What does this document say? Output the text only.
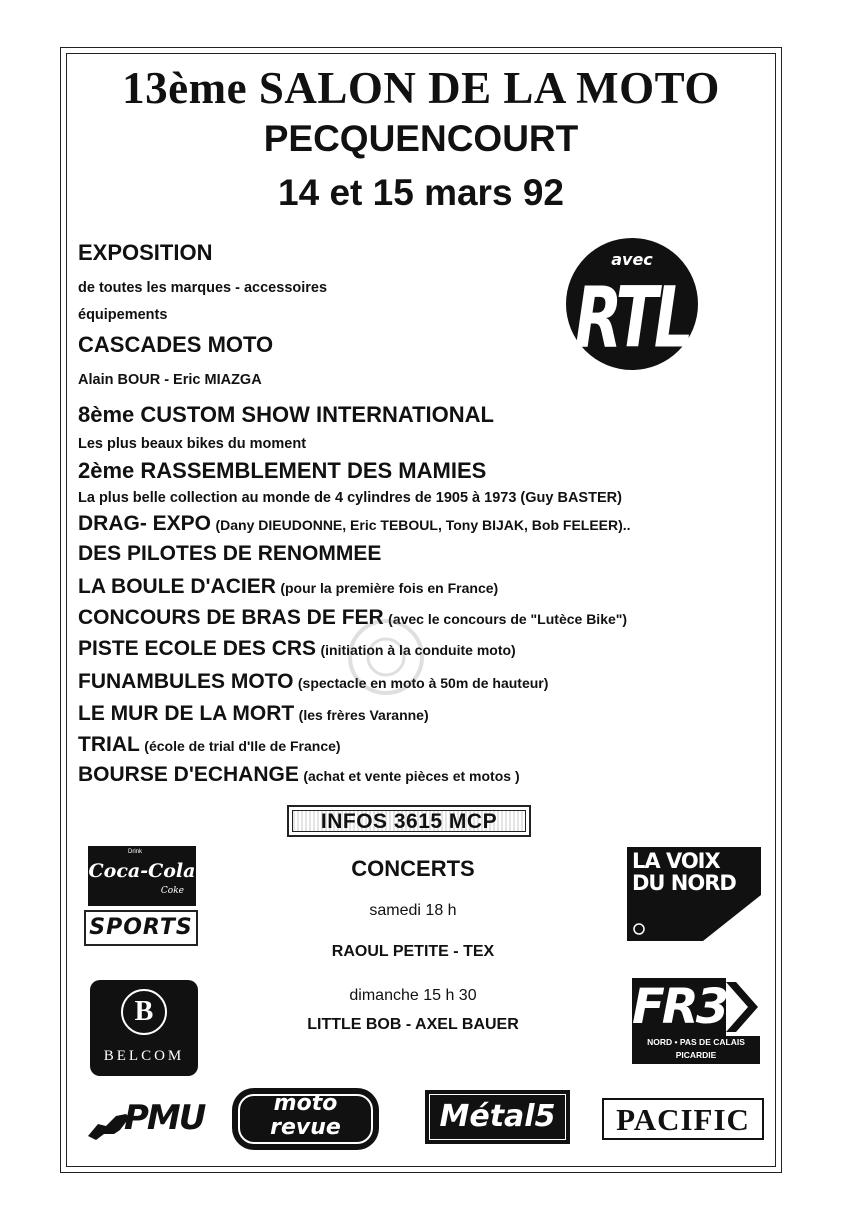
13ème SALON DE LA MOTO
PECQUENCOURT
14 et 15 mars 92
avec
RTL
EXPOSITION
de toutes les marques - accessoires
équipements
CASCADES MOTO
Alain BOUR - Eric MIAZGA
8ème CUSTOM SHOW INTERNATIONAL
Les plus beaux bikes du moment
2ème RASSEMBLEMENT DES MAMIES
La plus belle collection au monde de 4 cylindres de 1905 à 1973 (Guy BASTER)
DRAG- EXPO (Dany DIEUDONNE, Eric TEBOUL, Tony BIJAK, Bob FELEER)..
DES PILOTES DE RENOMMEE
LA BOULE D'ACIER (pour la première fois en France)
CONCOURS DE BRAS DE FER (avec le concours de "Lutèce Bike")
PISTE ECOLE DES CRS (initiation à la conduite moto)
FUNAMBULES MOTO (spectacle en moto à 50m de hauteur)
LE MUR DE LA MORT (les frères Varanne)
TRIAL (école de trial d'Ile de France)
BOURSE D'ECHANGE (achat et vente pièces et motos )
INFOS 3615 MCP
CONCERTS
samedi 18 h
RAOUL PETITE - TEX
dimanche 15 h 30
LITTLE BOB - AXEL BAUER
Drink
Coca-Cola
Coke
SPORTS
B
BELCOM
LA VOIX
DU NORD
FR3
NORD • PAS DE CALAIS
PICARDIE
PMU	moto
revue	Métal5	PACIFIC
